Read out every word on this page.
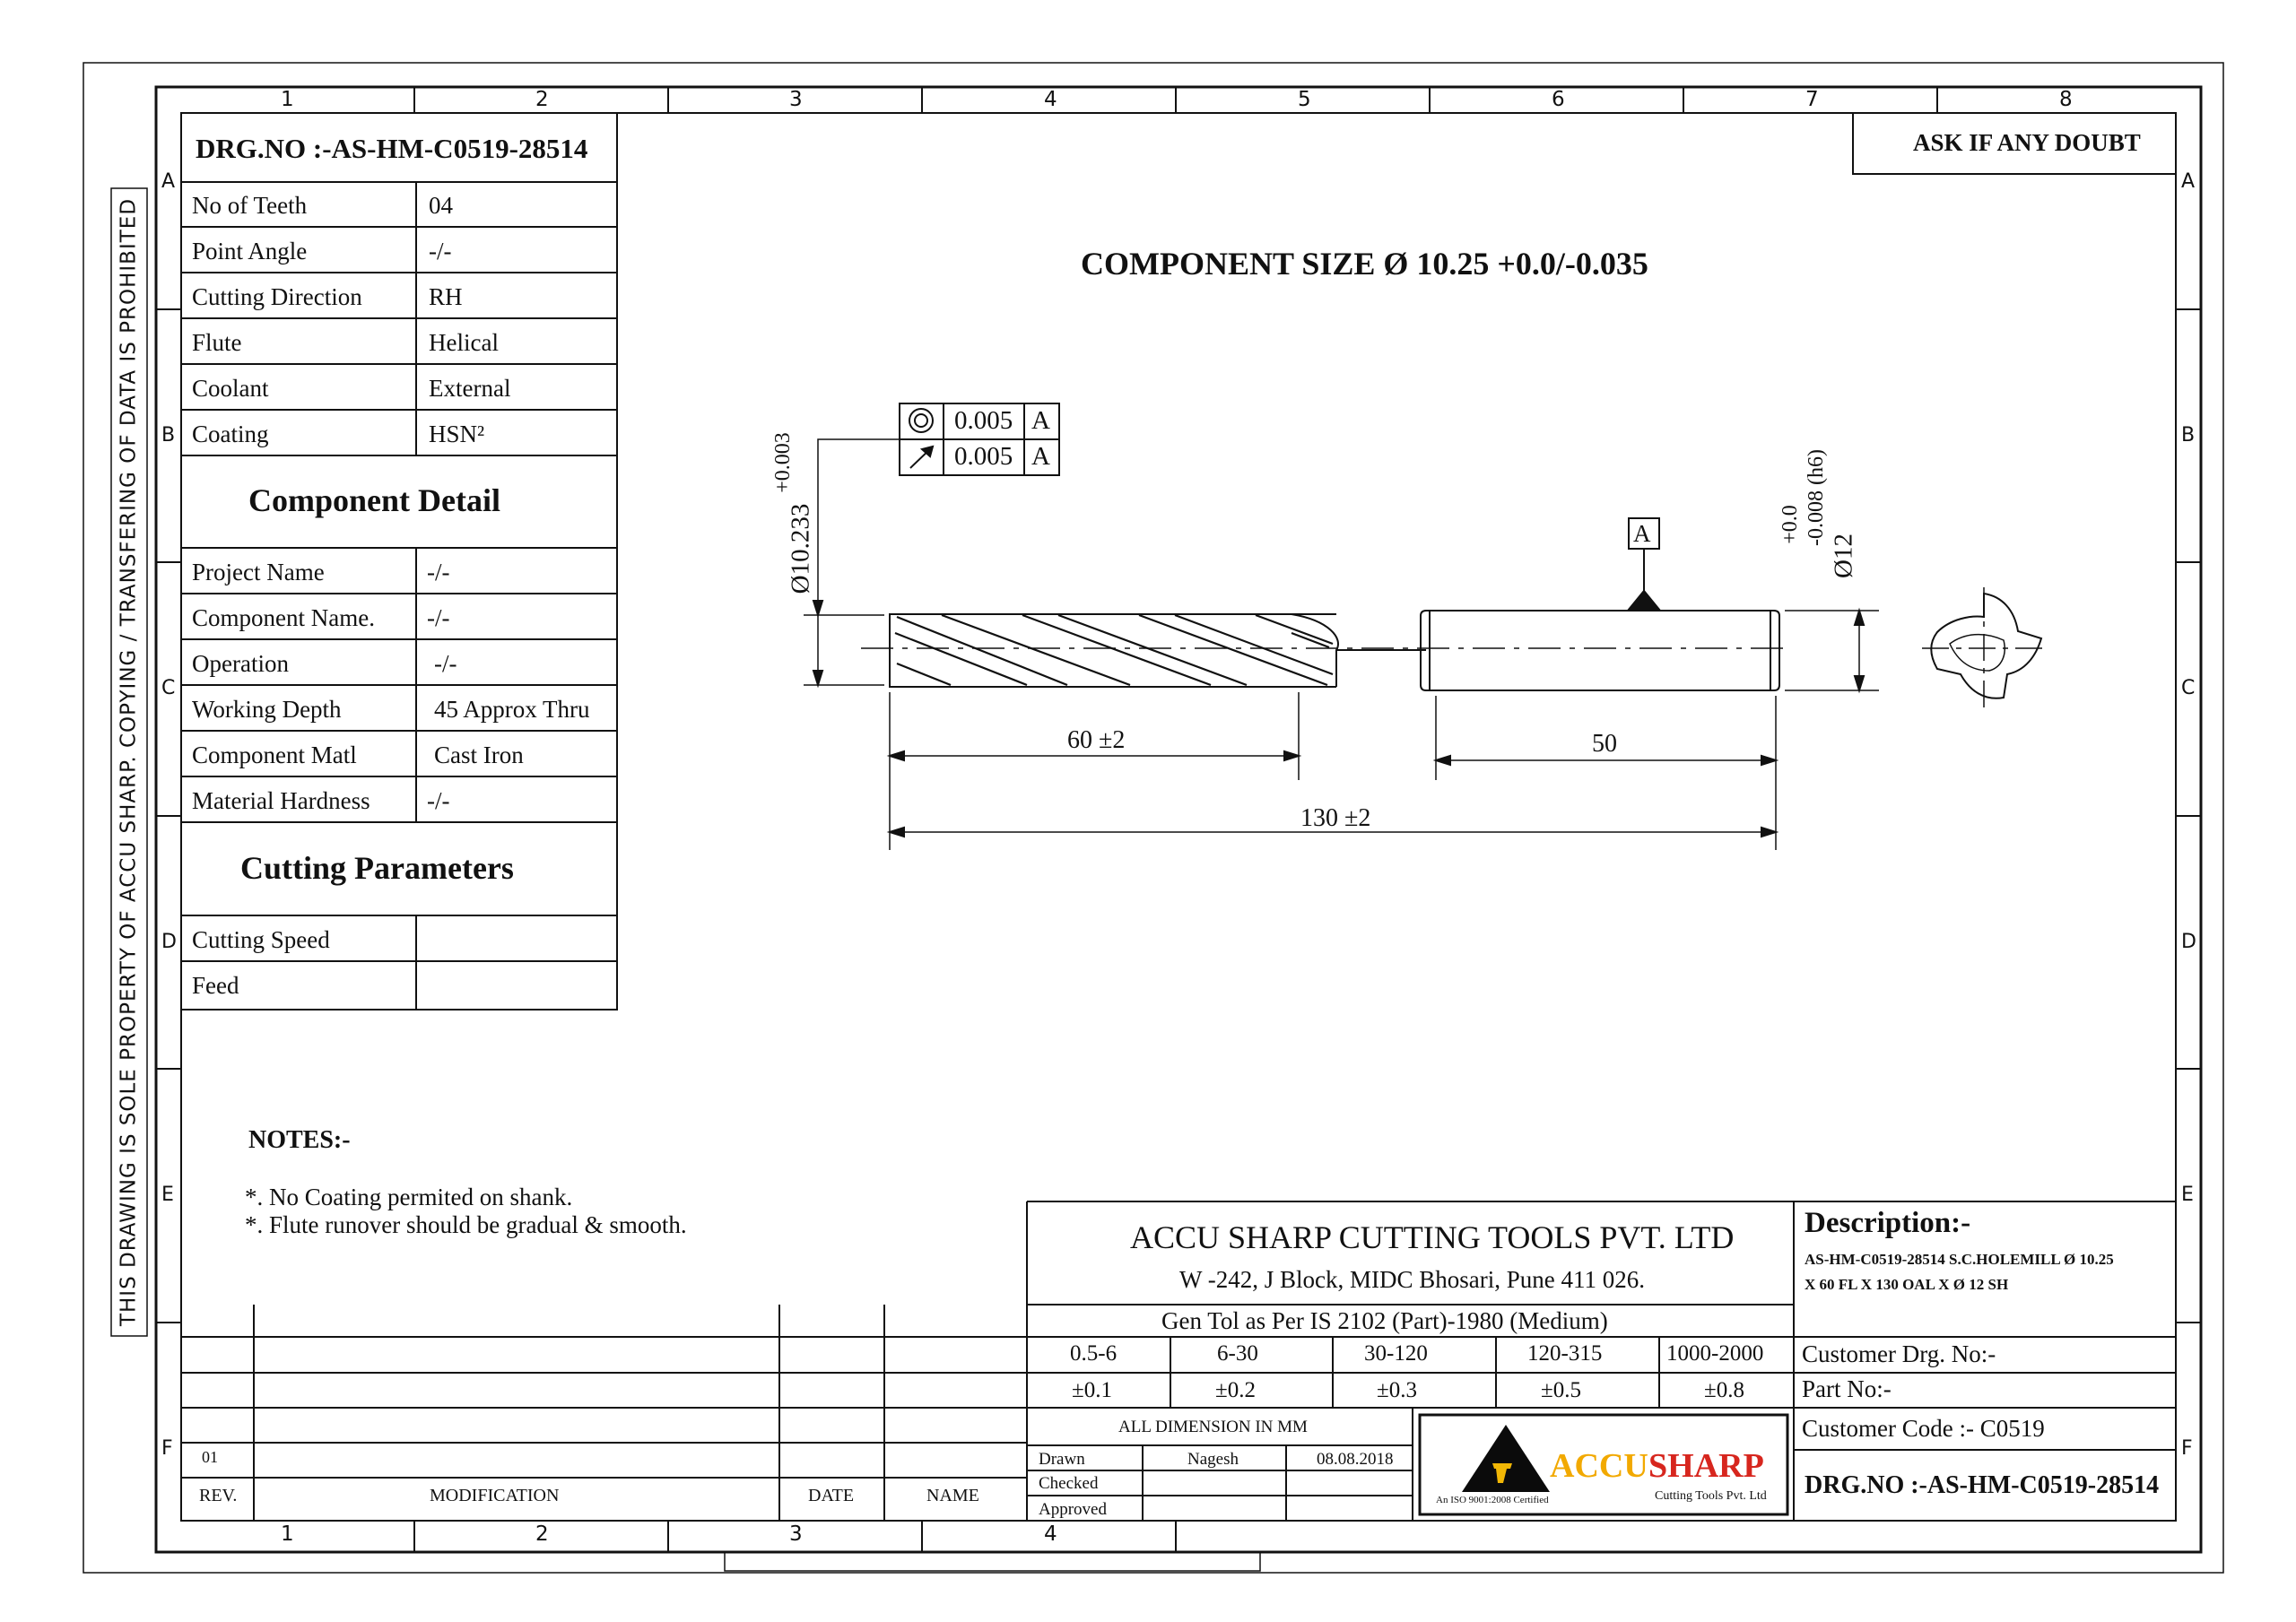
1	2	3	4	5	6	7	8
1	2	3	4
A
B
C
D
E
F
A
B
C
D
E
F
THIS DRAWING IS SOLE PROPERTY OF ACCU SHARP. COPYING / TRANSFERING OF DATA IS PROHIBITED
DRG.NO :-AS-HM-C0519-28514	ASK IF ANY DOUBT
COMPONENT SIZE Ø 10.25 +0.0/-0.035
No of Teeth	04
Point Angle	-/-
Cutting Direction	RH
Flute	Helical
Coolant	External
Coating	HSN²
Component Detail
Project Name	-/-
Component Name. -/-
Operation	-/-
Working Depth	45 Approx Thru
Component Matl	Cast Iron
Material Hardness -/-
Cutting Parameters
Cutting Speed
Feed
0.005 A
0.005 A
A
Ø10.233
+0.003
Ø12
+0.0 -0.008 (h6)
60 ±2	50
130 ±2
NOTES:-
*. No Coating permited on shank.
*. Flute runover should be gradual & smooth.	ACCU SHARP CUTTING TOOLS PVT. LTD
W -242, J Block, MIDC Bhosari, Pune 411 026.
Gen Tol as Per IS 2102 (Part)-1980 (Medium)
0.5-6	6-30	30-120	120-315	1000-2000
±0.1	±0.2	±0.3	±0.5	±0.8
ALL DIMENSION IN MM
Drawn	Nagesh	08.08.2018
Checked
Approved
ACCU SHARP
An ISO 9001:2008 Certified	Cutting Tools Pvt. Ltd
Description:-
AS-HM-C0519-28514 S.C.HOLEMILL Ø 10.25
X 60 FL X 130 OAL X Ø 12 SH
Customer Drg. No:-
Part No:-
Customer Code :- C0519
DRG.NO :-AS-HM-C0519-28514
01
REV.	MODIFICATION	DATE	NAME
